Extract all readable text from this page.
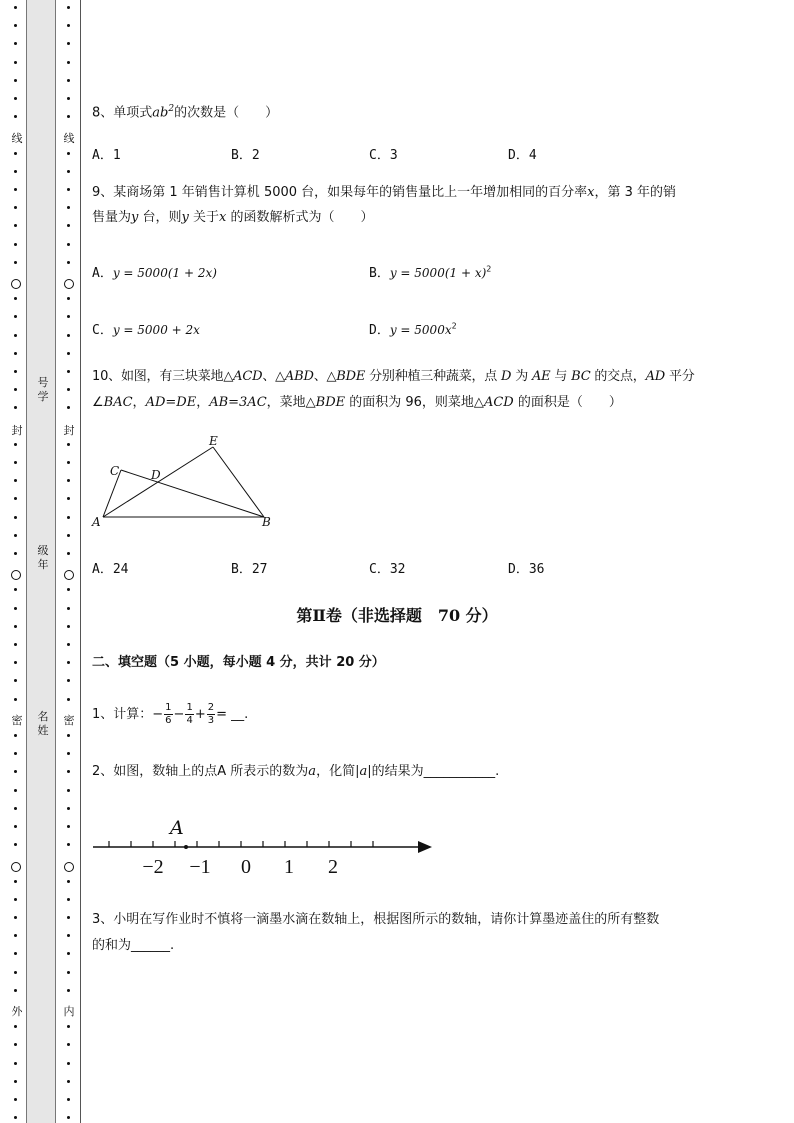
线
封
密
外
线
封
密
内
号
学
级
年
名
姓
8、单项式$ab^2$的次数是（　　）
A．1	B．2	C．3	D．4
9、某商场第 1 年销售计算机 5000 台，如果每年的销售量比上一年增加相同的百分率x，第 3 年的销
售量为y 台，则y 关于x 的函数解析式为（　　）
A．y = 5000(1 + 2x)	B．$y = 5000(1 + x)^2$
C．y = 5000 + 2x	D．$y = 5000x^2$
10、如图，有三块菜地△ACD、△ABD、△BDE 分别种植三种蔬菜，点 D 为 AE 与 BC 的交点，AD 平分
∠BAC，AD=DE，AB=3AC，菜地△BDE 的面积为 96，则菜地△ACD 的面积是（　　）
A	B
C	D
E
A．24	B．27	C．32	D．36
第Ⅱ卷（非选择题　70 分）
二、填空题（5 小题，每小题 4 分，共计 20 分）
1、计算：− $\frac{1}{6} - \frac{1}{4} + \frac{2}{3}$ = __.
2、如图，数轴上的点A 所表示的数为a，化简|a|的结果为___________.
A
−2 −1 0 1 2
3、小明在写作业时不慎将一滴墨水滴在数轴上，根据图所示的数轴，请你计算墨迹盖住的所有整数
的和为______.
